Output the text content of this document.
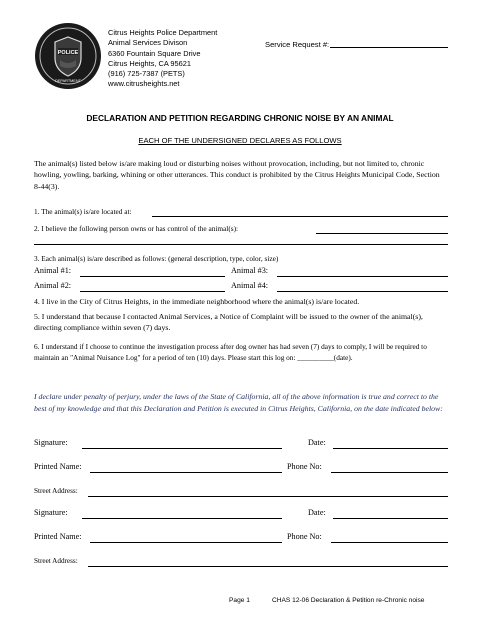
POLICE
DEPARTMENT
Citrus Heights Police Department
Animal Services Divison
6360 Fountain Square Drive
Citrus Heights, CA 95621
(916) 725-7387 (PETS)
www.citrusheights.net
Service Request #:
DECLARATION AND PETITION REGARDING CHRONIC NOISE BY AN ANIMAL
EACH OF THE UNDERSIGNED DECLARES AS FOLLOWS
The animal(s) listed below is/are making loud or disturbing noises without provocation, including, but not limited to, chronic howling, yowling, barking, whining or other utterances. This conduct is prohibited by the Citrus Heights Municipal Code, Section 8-44(3).
1. The animal(s) is/are located at:
2. I believe the following person owns or has control of the animal(s):
3. Each animal(s) is/are described as follows: (general description, type, color, size)
Animal #1:	Animal #3:
Animal #2:	Animal #4:
4. I live in the City of Citrus Heights, in the immediate neighborhood where the animal(s) is/are located.
5. I understand that because I contacted Animal Services, a Notice of Complaint will be issued to the owner of the animal(s), directing compliance within seven (7) days.
6. I understand if I choose to continue the investigation process after dog owner has had seven (7) days to comply, I will be required to maintain an "Animal Nuisance Log" for a period of ten (10) days. Please start this log on: __________(date).
I declare under penalty of perjury, under the laws of the State of California, all of the above information is true and correct to the best of my knowledge and that this Declaration and Petition is executed in Citrus Heights, California, on the date indicated below:
Signature:	Date:
Printed Name:	Phone No:
Street Address:
Signature:	Date:
Printed Name:	Phone No:
Street Address:
Page 1	CHAS 12-06 Declaration & Petition re-Chronic noise
